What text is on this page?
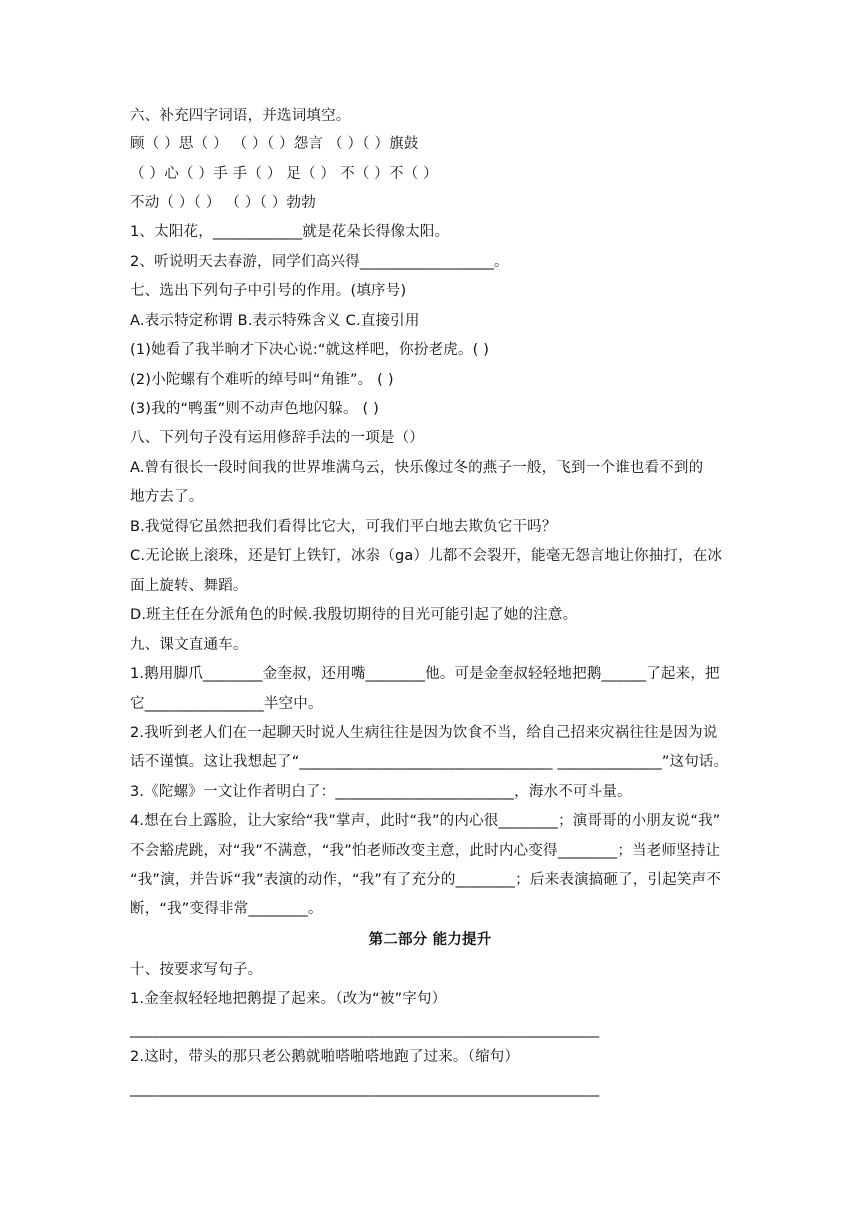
六、补充四字词语，并选词填空。
顾（ ）思（ ） （ ）（ ）怨言 （ ）（ ）旗鼓
（ ）心（ ）手 手（ ） 足（ ） 不（ ）不（ ）
不动（ ）（ ） （ ）（ ）勃勃
1、太阳花，____________就是花朵长得像太阳。
2、听说明天去春游，同学们高兴得__________________。
七、选出下列句子中引号的作用。(填序号)
A.表示特定称谓 B.表示特殊含义 C.直接引用
(1)她看了我半晌才下决心说:“就这样吧，你扮老虎。( )
(2)小陀螺有个难听的绰号叫“角锥”。 ( )
(3)我的“鸭蛋”则不动声色地闪躲。 ( )
八、下列句子没有运用修辞手法的一项是（）
A.曾有很长一段时间我的世界堆满乌云，快乐像过冬的燕子一般，飞到一个谁也看不到的
地方去了。
B.我觉得它虽然把我们看得比它大，可我们平白地去欺负它干吗？
C.无论嵌上滚珠，还是钉上铁钉，冰尜（ga）儿都不会裂开，能毫无怨言地让你抽打，在冰
面上旋转、舞蹈。
D.班主任在分派角色的时候.我殷切期待的目光可能引起了她的注意。
九、课文直通车。
1.鹅用脚爪________金奎叔，还用嘴________他。可是金奎叔轻轻地把鹅______了起来，把
它________________半空中。
2.我听到老人们在一起聊天时说人生病往往是因为饮食不当，给自己招来灾祸往往是因为说
话不谨慎。这让我想起了“__________________________________ ______________”这句话。
3.《陀螺》一文让作者明白了：________________________，海水不可斗量。
4.想在台上露脸，让大家给“我”掌声，此时“我”的内心很________；演哥哥的小朋友说“我”
不会豁虎跳，对“我”不满意，“我”怕老师改变主意，此时内心变得________；当老师坚持让
“我”演，并告诉“我”表演的动作，“我”有了充分的________；后来表演搞砸了，引起笑声不
断，“我”变得非常________。
第二部分 能力提升
十、按要求写句子。
1.金奎叔轻轻地把鹅提了起来。（改为“被”字句）
_______________________________________________________________
2.这时，带头的那只老公鹅就啪嗒啪嗒地跑了过来。（缩句）
_______________________________________________________________
